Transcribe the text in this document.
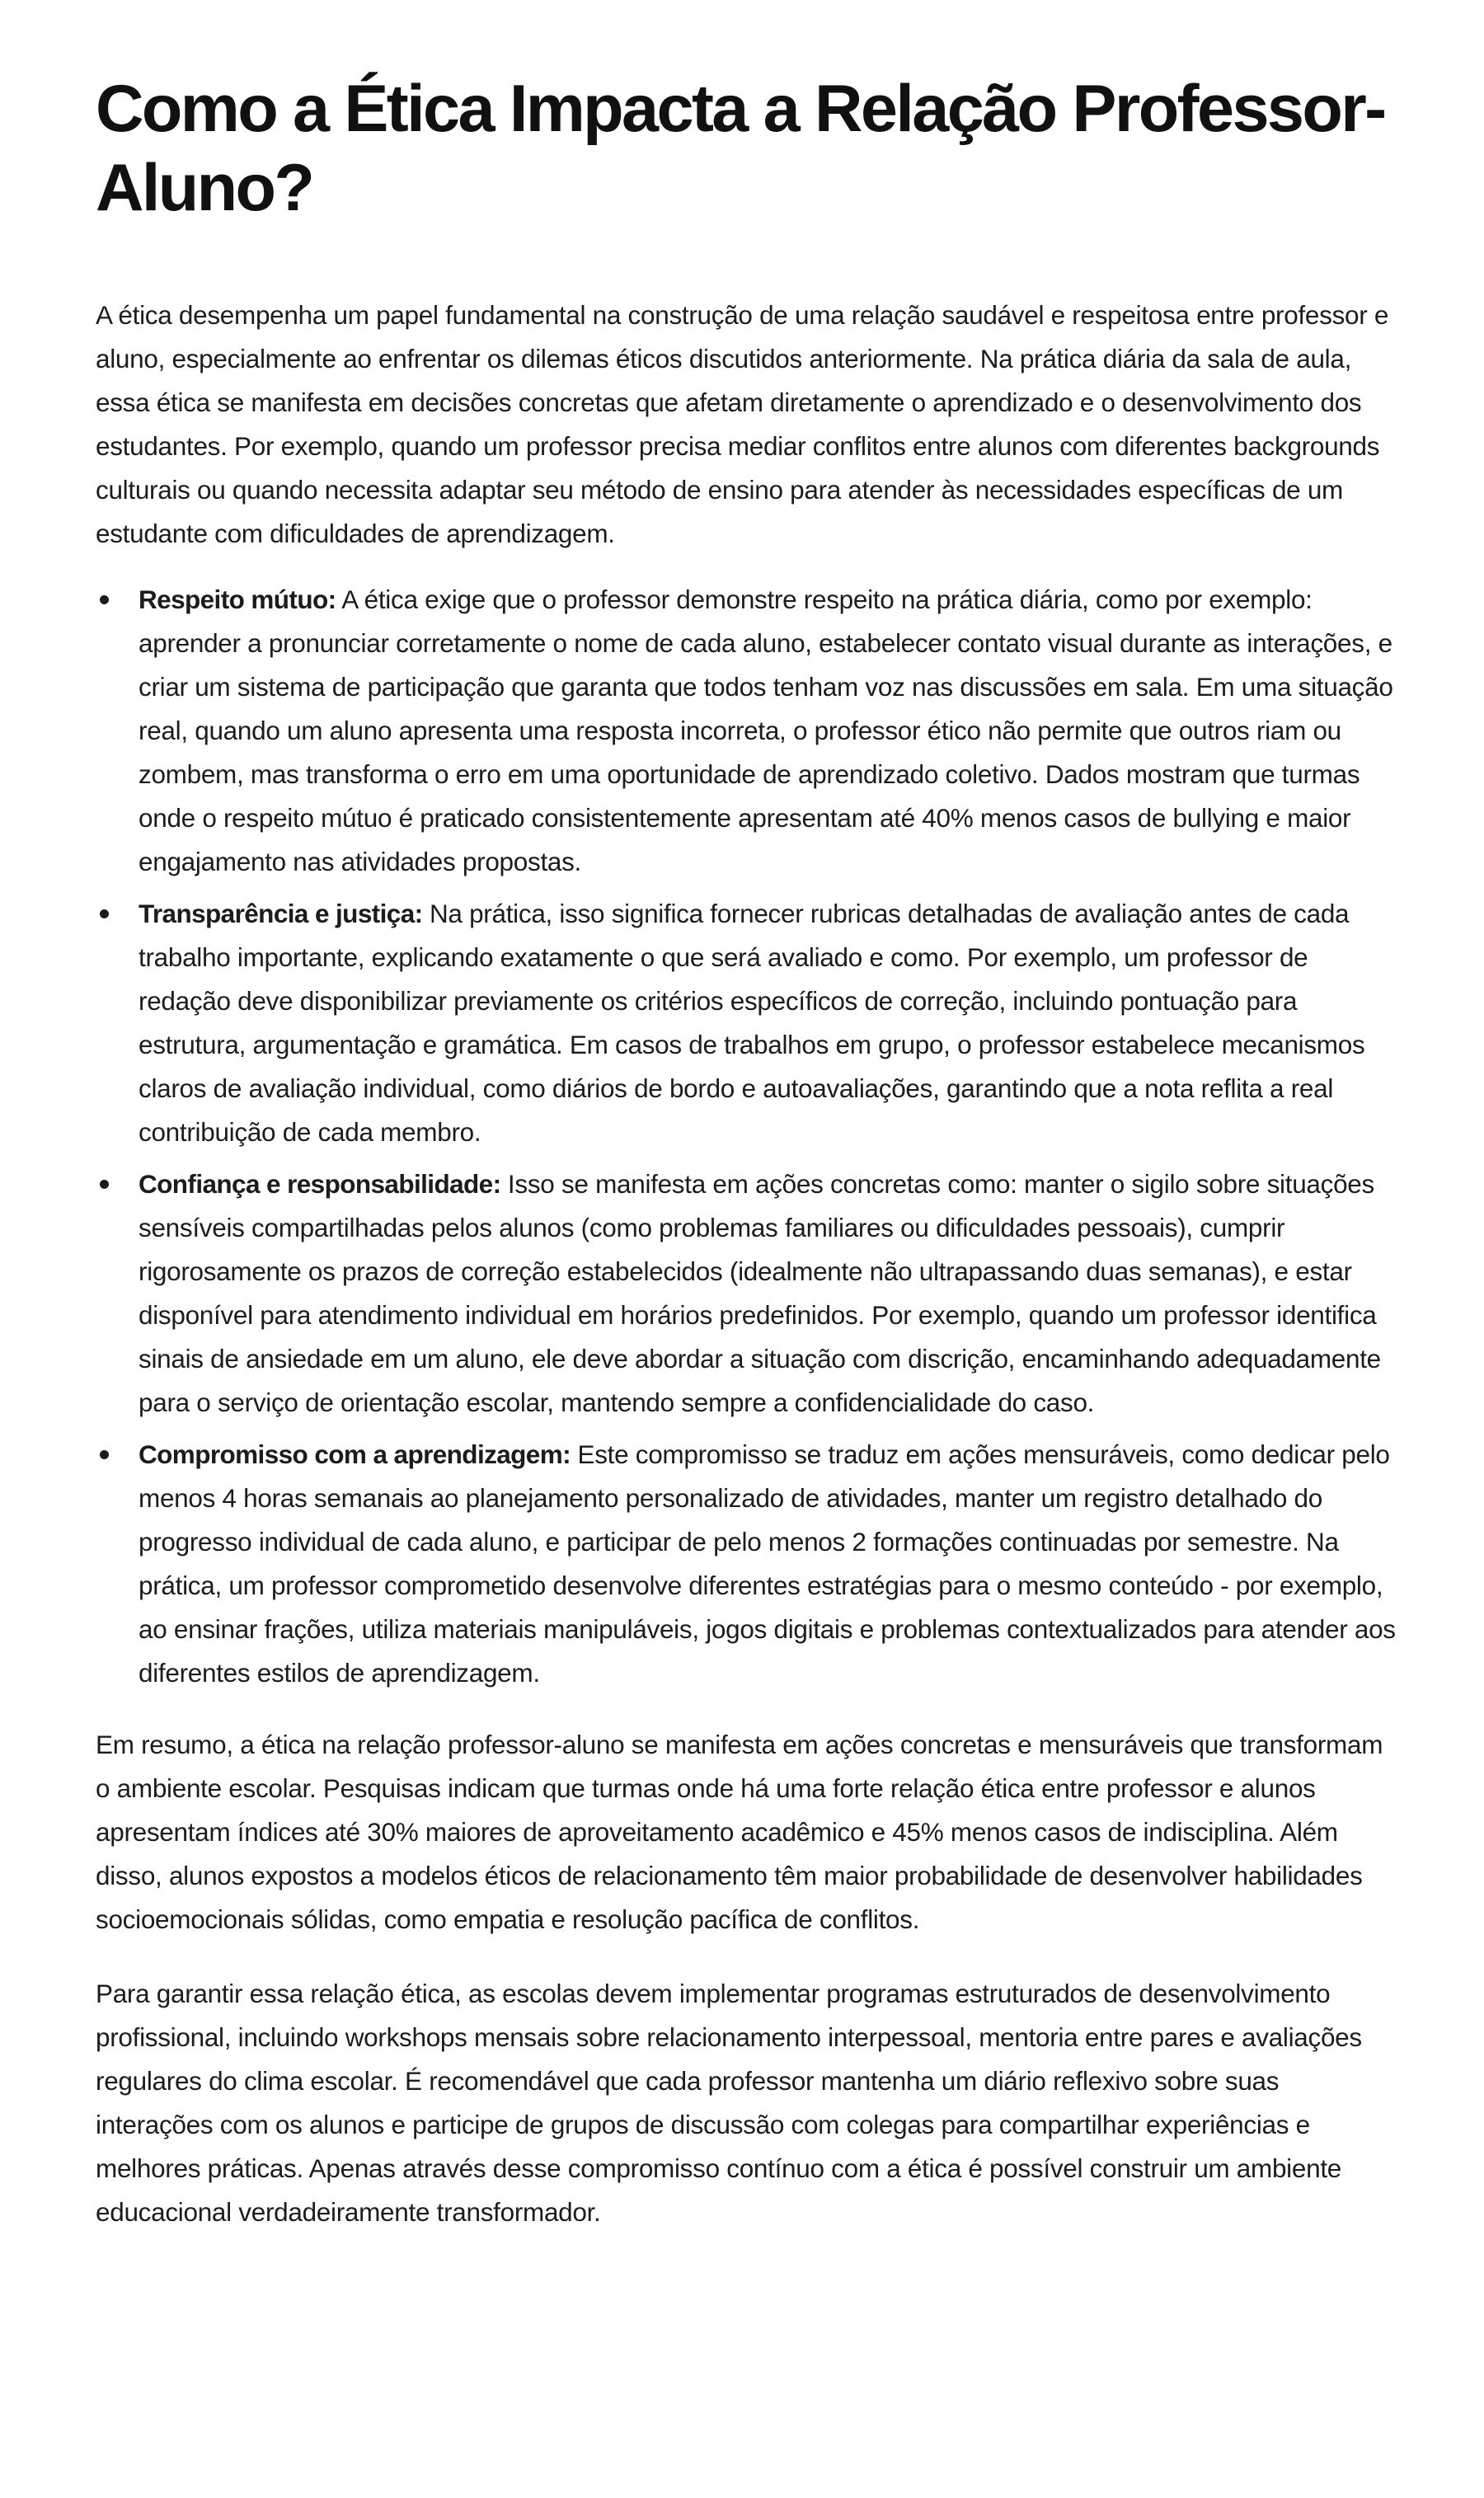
Como a Ética Impacta a Relação Professor-Aluno?

A ética desempenha um papel fundamental na construção de uma relação saudável e respeitosa entre professor e aluno, especialmente ao enfrentar os dilemas éticos discutidos anteriormente. Na prática diária da sala de aula, essa ética se manifesta em decisões concretas que afetam diretamente o aprendizado e o desenvolvimento dos estudantes. Por exemplo, quando um professor precisa mediar conflitos entre alunos com diferentes backgrounds culturais ou quando necessita adaptar seu método de ensino para atender às necessidades específicas de um estudante com dificuldades de aprendizagem.

Respeito mútuo: A ética exige que o professor demonstre respeito na prática diária, como por exemplo: aprender a pronunciar corretamente o nome de cada aluno, estabelecer contato visual durante as interações, e criar um sistema de participação que garanta que todos tenham voz nas discussões em sala. Em uma situação real, quando um aluno apresenta uma resposta incorreta, o professor ético não permite que outros riam ou zombem, mas transforma o erro em uma oportunidade de aprendizado coletivo. Dados mostram que turmas onde o respeito mútuo é praticado consistentemente apresentam até 40% menos casos de bullying e maior engajamento nas atividades propostas.
Transparência e justiça: Na prática, isso significa fornecer rubricas detalhadas de avaliação antes de cada trabalho importante, explicando exatamente o que será avaliado e como. Por exemplo, um professor de redação deve disponibilizar previamente os critérios específicos de correção, incluindo pontuação para estrutura, argumentação e gramática. Em casos de trabalhos em grupo, o professor estabelece mecanismos claros de avaliação individual, como diários de bordo e autoavaliações, garantindo que a nota reflita a real contribuição de cada membro.
Confiança e responsabilidade: Isso se manifesta em ações concretas como: manter o sigilo sobre situações sensíveis compartilhadas pelos alunos (como problemas familiares ou dificuldades pessoais), cumprir rigorosamente os prazos de correção estabelecidos (idealmente não ultrapassando duas semanas), e estar disponível para atendimento individual em horários predefinidos. Por exemplo, quando um professor identifica sinais de ansiedade em um aluno, ele deve abordar a situação com discrição, encaminhando adequadamente para o serviço de orientação escolar, mantendo sempre a confidencialidade do caso.
Compromisso com a aprendizagem: Este compromisso se traduz em ações mensuráveis, como dedicar pelo menos 4 horas semanais ao planejamento personalizado de atividades, manter um registro detalhado do progresso individual de cada aluno, e participar de pelo menos 2 formações continuadas por semestre. Na prática, um professor comprometido desenvolve diferentes estratégias para o mesmo conteúdo - por exemplo, ao ensinar frações, utiliza materiais manipuláveis, jogos digitais e problemas contextualizados para atender aos diferentes estilos de aprendizagem.

Em resumo, a ética na relação professor-aluno se manifesta em ações concretas e mensuráveis que transformam o ambiente escolar. Pesquisas indicam que turmas onde há uma forte relação ética entre professor e alunos apresentam índices até 30% maiores de aproveitamento acadêmico e 45% menos casos de indisciplina. Além disso, alunos expostos a modelos éticos de relacionamento têm maior probabilidade de desenvolver habilidades socioemocionais sólidas, como empatia e resolução pacífica de conflitos.

Para garantir essa relação ética, as escolas devem implementar programas estruturados de desenvolvimento profissional, incluindo workshops mensais sobre relacionamento interpessoal, mentoria entre pares e avaliações regulares do clima escolar. É recomendável que cada professor mantenha um diário reflexivo sobre suas interações com os alunos e participe de grupos de discussão com colegas para compartilhar experiências e melhores práticas. Apenas através desse compromisso contínuo com a ética é possível construir um ambiente educacional verdadeiramente transformador.
